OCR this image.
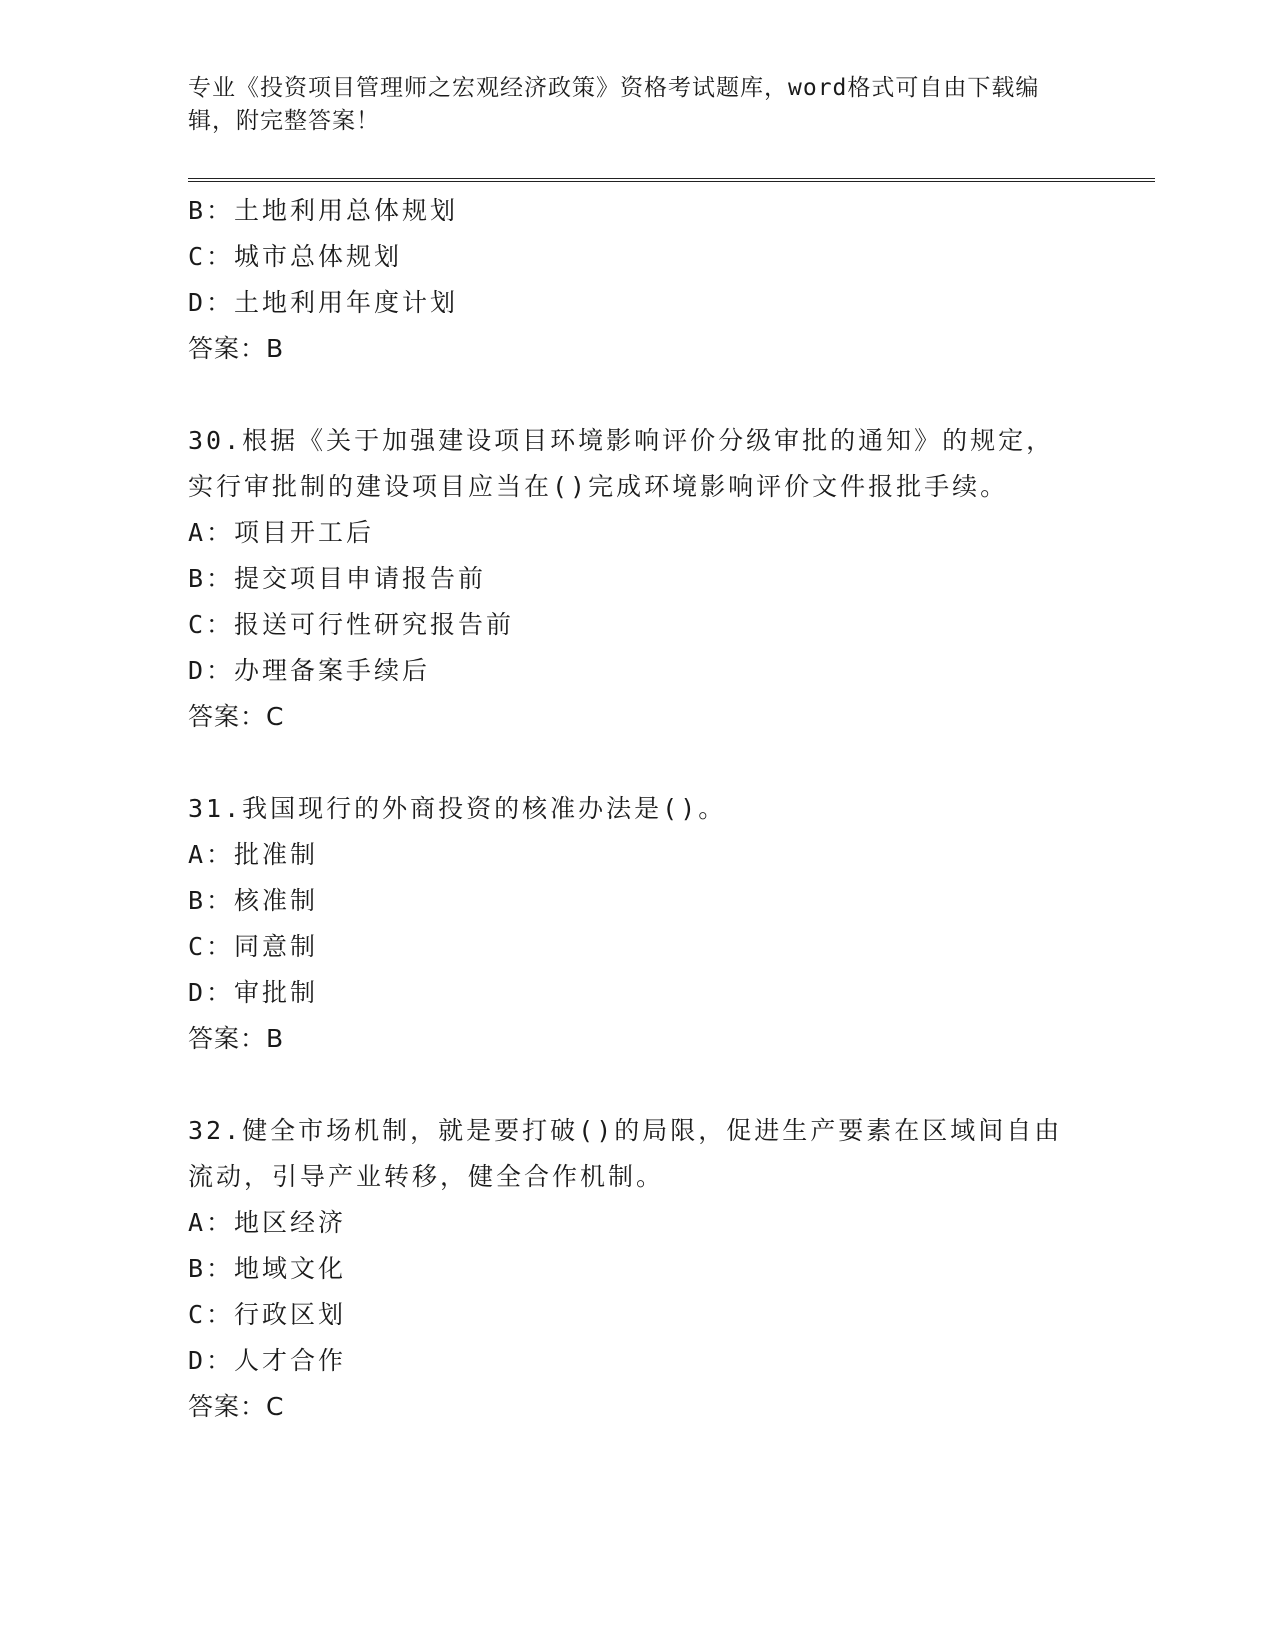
专业《投资项目管理师之宏观经济政策》资格考试题库，word格式可自由下载编
辑，附完整答案！
B：土地利用总体规划
C：城市总体规划
D：土地利用年度计划
答案：B
30.根据《关于加强建设项目环境影响评价分级审批的通知》的规定，
实行审批制的建设项目应当在()完成环境影响评价文件报批手续。
A：项目开工后
B：提交项目申请报告前
C：报送可行性研究报告前
D：办理备案手续后
答案：C
31.我国现行的外商投资的核准办法是()。
A：批准制
B：核准制
C：同意制
D：审批制
答案：B
32.健全市场机制，就是要打破()的局限，促进生产要素在区域间自由
流动，引导产业转移，健全合作机制。
A：地区经济
B：地域文化
C：行政区划
D：人才合作
答案：C
